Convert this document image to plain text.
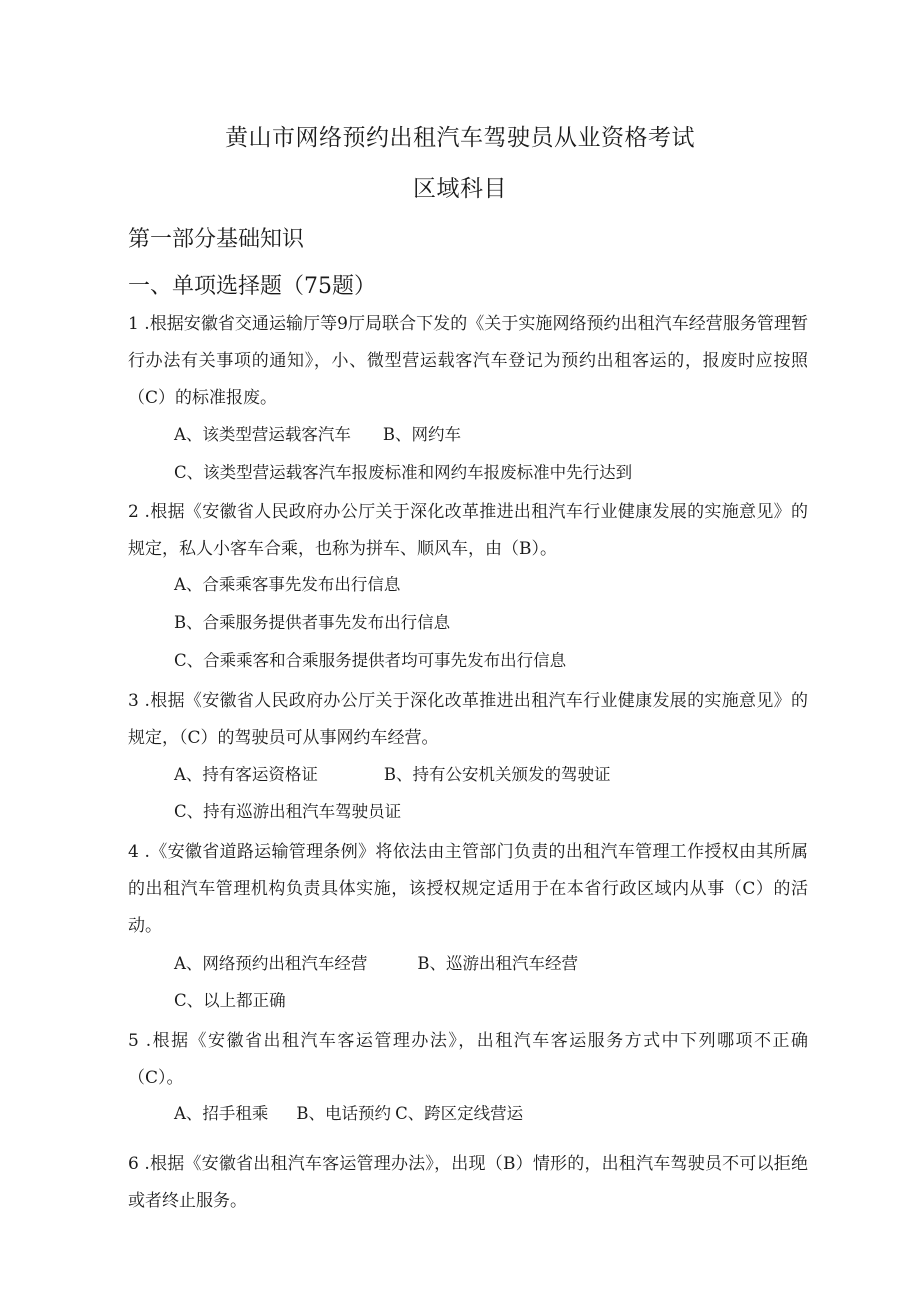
黄山市网络预约出租汽车驾驶员从业资格考试
区域科目
第一部分基础知识
一、单项选择题（75题）
1 .根据安徽省交通运输厅等9厅局联合下发的《关于实施网络预约出租汽车经营服务管理暂行办法有关事项的通知》，小、微型营运载客汽车登记为预约出租客运的，报废时应按照（C）的标准报废。
A、该类型营运载客汽车 B、网约车
C、该类型营运载客汽车报废标准和网约车报废标准中先行达到
2 .根据《安徽省人民政府办公厅关于深化改革推进出租汽车行业健康发展的实施意见》的规定，私人小客车合乘，也称为拼车、顺风车，由（B）。
A、合乘乘客事先发布出行信息
B、合乘服务提供者事先发布出行信息
C、合乘乘客和合乘服务提供者均可事先发布出行信息
3 .根据《安徽省人民政府办公厅关于深化改革推进出租汽车行业健康发展的实施意见》的规定，（C）的驾驶员可从事网约车经营。
A、持有客运资格证	B、持有公安机关颁发的驾驶证
C、持有巡游出租汽车驾驶员证
4 .《安徽省道路运输管理条例》将依法由主管部门负责的出租汽车管理工作授权由其所属的出租汽车管理机构负责具体实施，该授权规定适用于在本省行政区域内从事（C）的活动。
A、网络预约出租汽车经营	B、巡游出租汽车经营
C、以上都正确
5 .根据《安徽省出租汽车客运管理办法》，出租汽车客运服务方式中下列哪项不正确（C）。
A、招手租乘 B、电话预约 C、跨区定线营运
6 .根据《安徽省出租汽车客运管理办法》，出现（B）情形的，出租汽车驾驶员不可以拒绝或者终止服务。
